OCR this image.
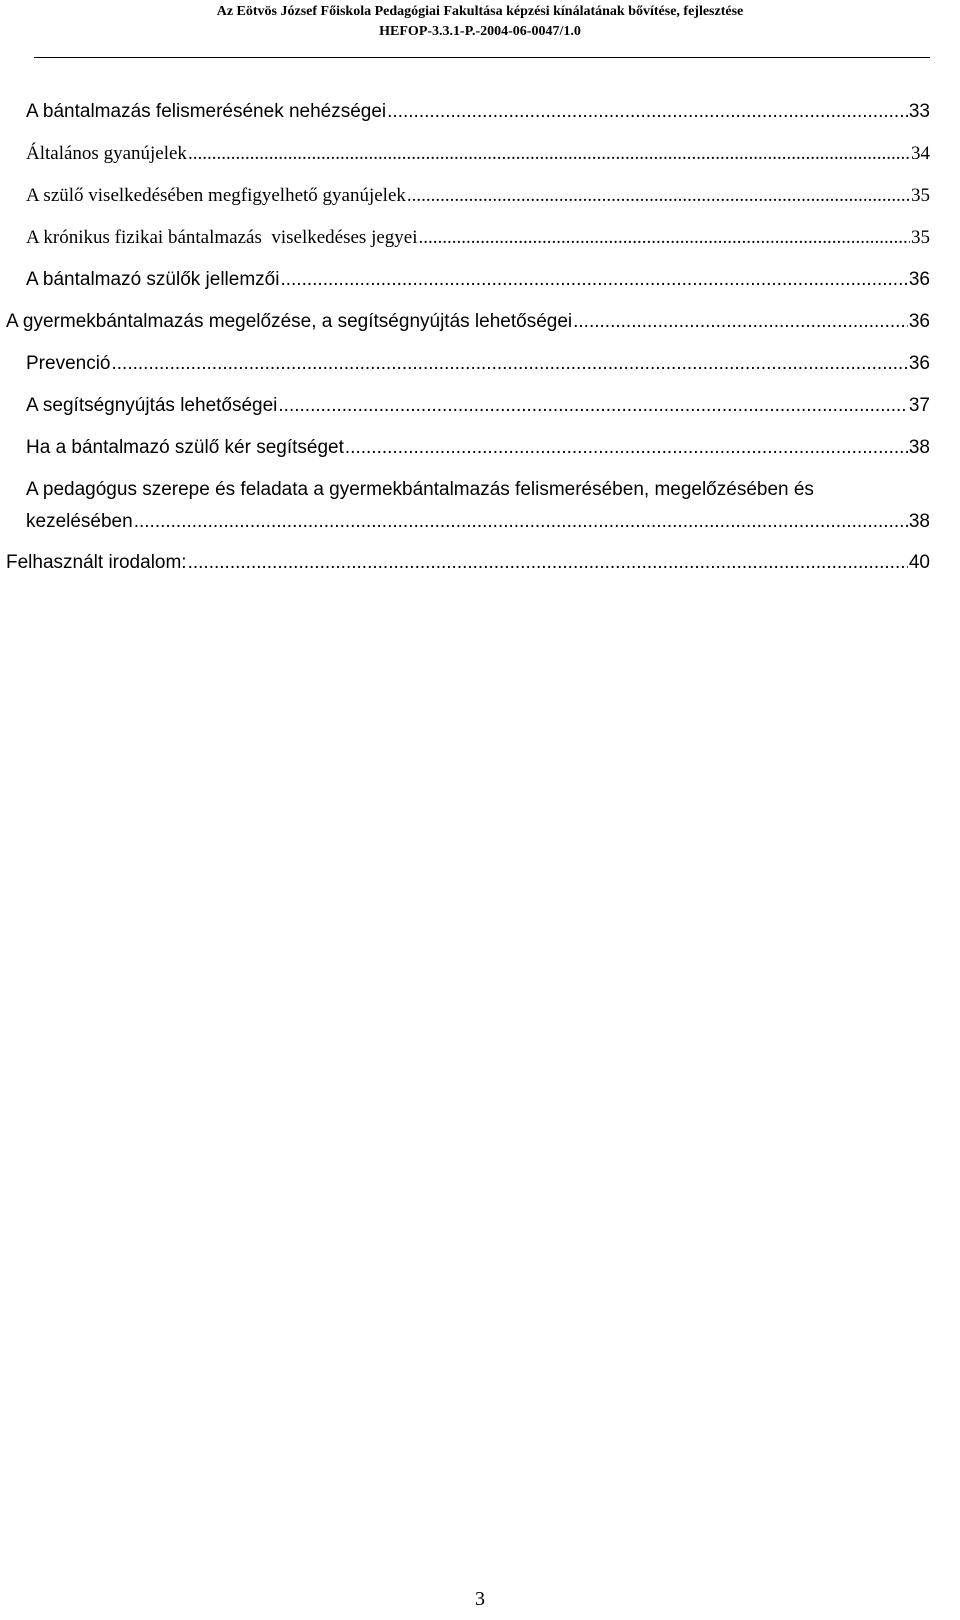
Az Eötvös József Főiskola Pedagógiai Fakultása képzési kínálatának bővítése, fejlesztése
HEFOP-3.3.1-P.-2004-06-0047/1.0
A bántalmazás felismerésének nehézségei .....	33
Általános gyanújelek .....	34
A szülő viselkedésében megfigyelhető gyanújelek .....	35
A krónikus fizikai bántalmazás  viselkedéses jegyei .....	35
A bántalmazó szülők jellemzői .....	36
A gyermekbántalmazás megelőzése, a segítségnyújtás lehetőségei .....	36
Prevenció .....	36
A segítségnyújtás lehetőségei .....	37
Ha a bántalmazó szülő kér segítséget .....	38
A pedagógus szerepe és feladata a gyermekbántalmazás felismerésében, megelőzésében és
kezelésében .....	38
Felhasznált irodalom: .....	40
3
